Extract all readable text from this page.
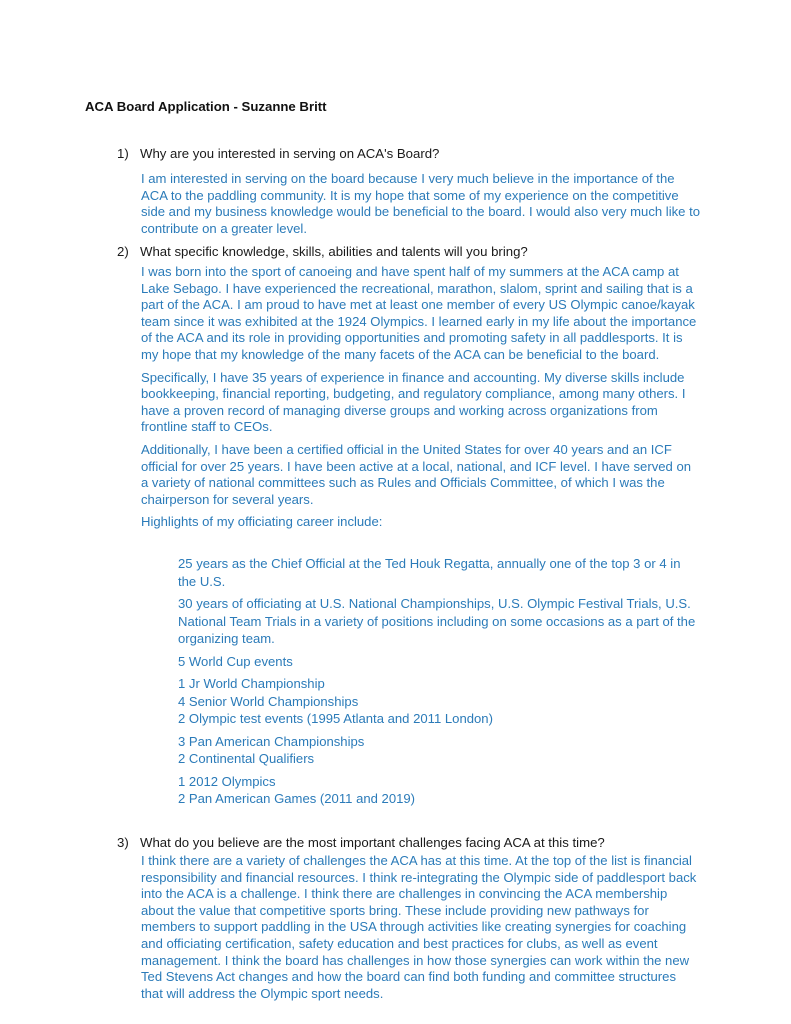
ACA Board Application - Suzanne Britt
1) Why are you interested in serving on ACA's Board?

I am interested in serving on the board because I very much believe in the importance of the ACA to the paddling community. It is my hope that some of my experience on the competitive side and my business knowledge would be beneficial to the board. I would also very much like to contribute on a greater level.

2) What specific knowledge, skills, abilities and talents will you bring?

I was born into the sport of canoeing and have spent half of my summers at the ACA camp at Lake Sebago. I have experienced the recreational, marathon, slalom, sprint and sailing that is a part of the ACA. I am proud to have met at least one member of every US Olympic canoe/kayak team since it was exhibited at the 1924 Olympics. I learned early in my life about the importance of the ACA and its role in providing opportunities and promoting safety in all paddlesports. It is my hope that my knowledge of the many facets of the ACA can be beneficial to the board.

Specifically, I have 35 years of experience in finance and accounting. My diverse skills include bookkeeping, financial reporting, budgeting, and regulatory compliance, among many others. I have a proven record of managing diverse groups and working across organizations from frontline staff to CEOs.

Additionally, I have been a certified official in the United States for over 40 years and an ICF official for over 25 years. I have been active at a local, national, and ICF level. I have served on a variety of national committees such as Rules and Officials Committee, of which I was the chairperson for several years.

Highlights of my officiating career include:

25 years as the Chief Official at the Ted Houk Regatta, annually one of the top 3 or 4 in the U.S.

30 years of officiating at U.S. National Championships, U.S. Olympic Festival Trials, U.S. National Team Trials in a variety of positions including on some occasions as a part of the organizing team.

5 World Cup events

1 Jr World Championship
4 Senior World Championships
2 Olympic test events (1995 Atlanta and 2011 London)
3 Pan American Championships
2 Continental Qualifiers
1 2012 Olympics
2 Pan American Games (2011 and 2019)
3) What do you believe are the most important challenges facing ACA at this time?

I think there are a variety of challenges the ACA has at this time. At the top of the list is financial responsibility and financial resources. I think re-integrating the Olympic side of paddlesport back into the ACA is a challenge. I think there are challenges in convincing the ACA membership about the value that competitive sports bring. These include providing new pathways for members to support paddling in the USA through activities like creating synergies for coaching and officiating certification, safety education and best practices for clubs, as well as event management. I think the board has challenges in how those synergies can work within the new Ted Stevens Act changes and how the board can find both funding and committee structures that will address the Olympic sport needs.
